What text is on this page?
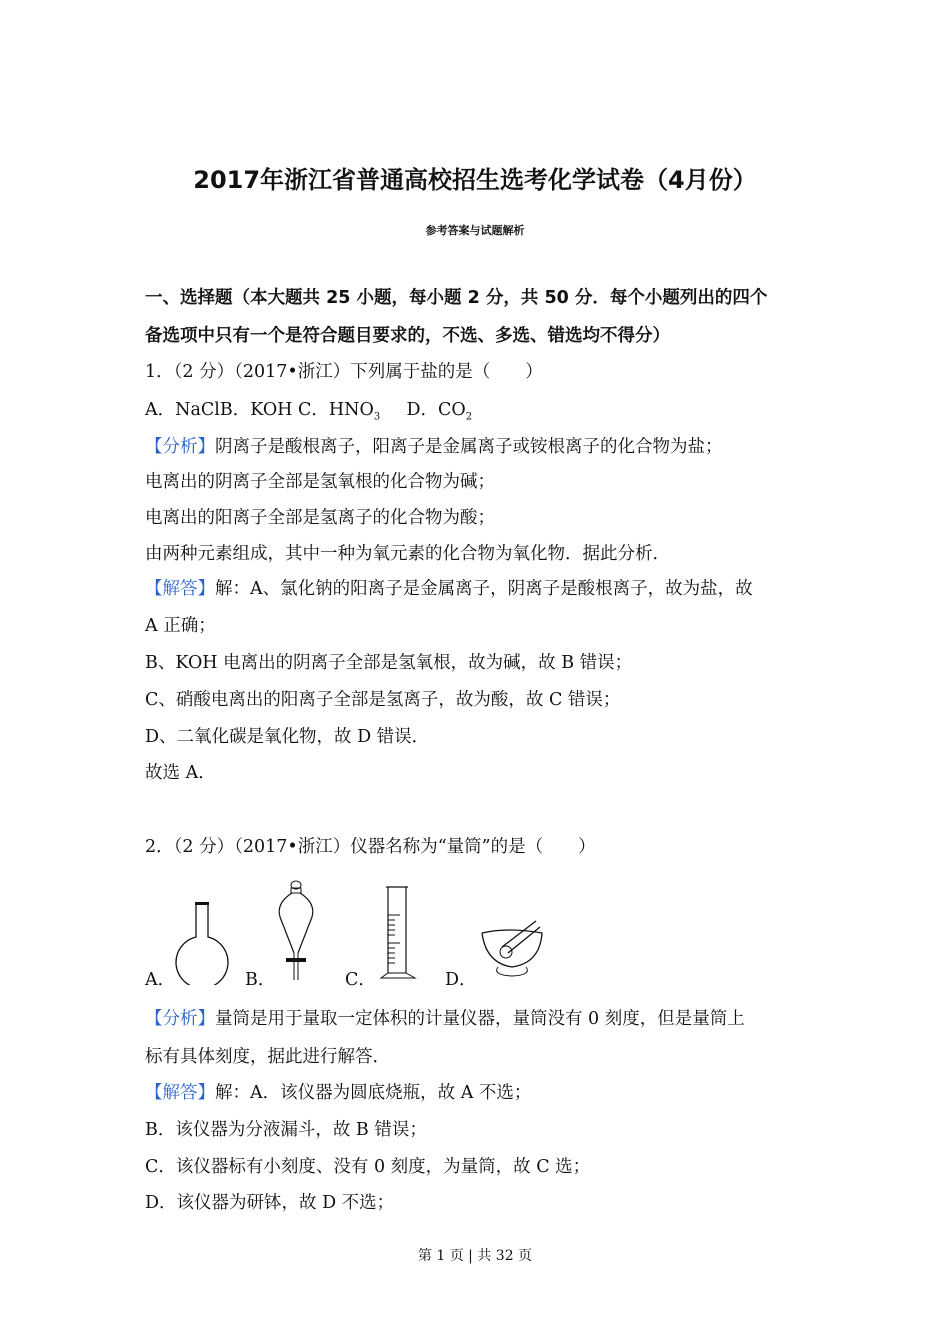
2017年浙江省普通高校招生选考化学试卷（4月份）
参考答案与试题解析
一、选择题（本大题共 25 小题，每小题 2 分，共 50 分．每个小题列出的四个
备选项中只有一个是符合题目要求的，不选、多选、错选均不得分）
1．（2 分）（2017•浙江）下列属于盐的是（　　）
A．NaClB．KOH C．$HNO_3$   D．$CO_2$
【分析】阴离子是酸根离子，阳离子是金属离子或铵根离子的化合物为盐；
电离出的阴离子全部是氢氧根的化合物为碱；
电离出的阳离子全部是氢离子的化合物为酸；
由两种元素组成，其中一种为氧元素的化合物为氧化物．据此分析．
【解答】解：A、氯化钠的阳离子是金属离子，阴离子是酸根离子，故为盐，故
A 正确；
B、KOH 电离出的阴离子全部是氢氧根，故为碱，故 B 错误；
C、硝酸电离出的阳离子全部是氢离子，故为酸，故 C 错误；
D、二氧化碳是氧化物，故 D 错误．
故选 A．
2．（2 分）（2017•浙江）仪器名称为“量筒”的是（　　）
A．	B．	C．	D．
【分析】量筒是用于量取一定体积的计量仪器，量筒没有 0 刻度，但是量筒上
标有具体刻度，据此进行解答．
【解答】解：A．该仪器为圆底烧瓶，故 A 不选；
B．该仪器为分液漏斗，故 B 错误；
C．该仪器标有小刻度、没有 0 刻度，为量筒，故 C 选；
D．该仪器为研钵，故 D 不选；
第 1 页 | 共 32 页
